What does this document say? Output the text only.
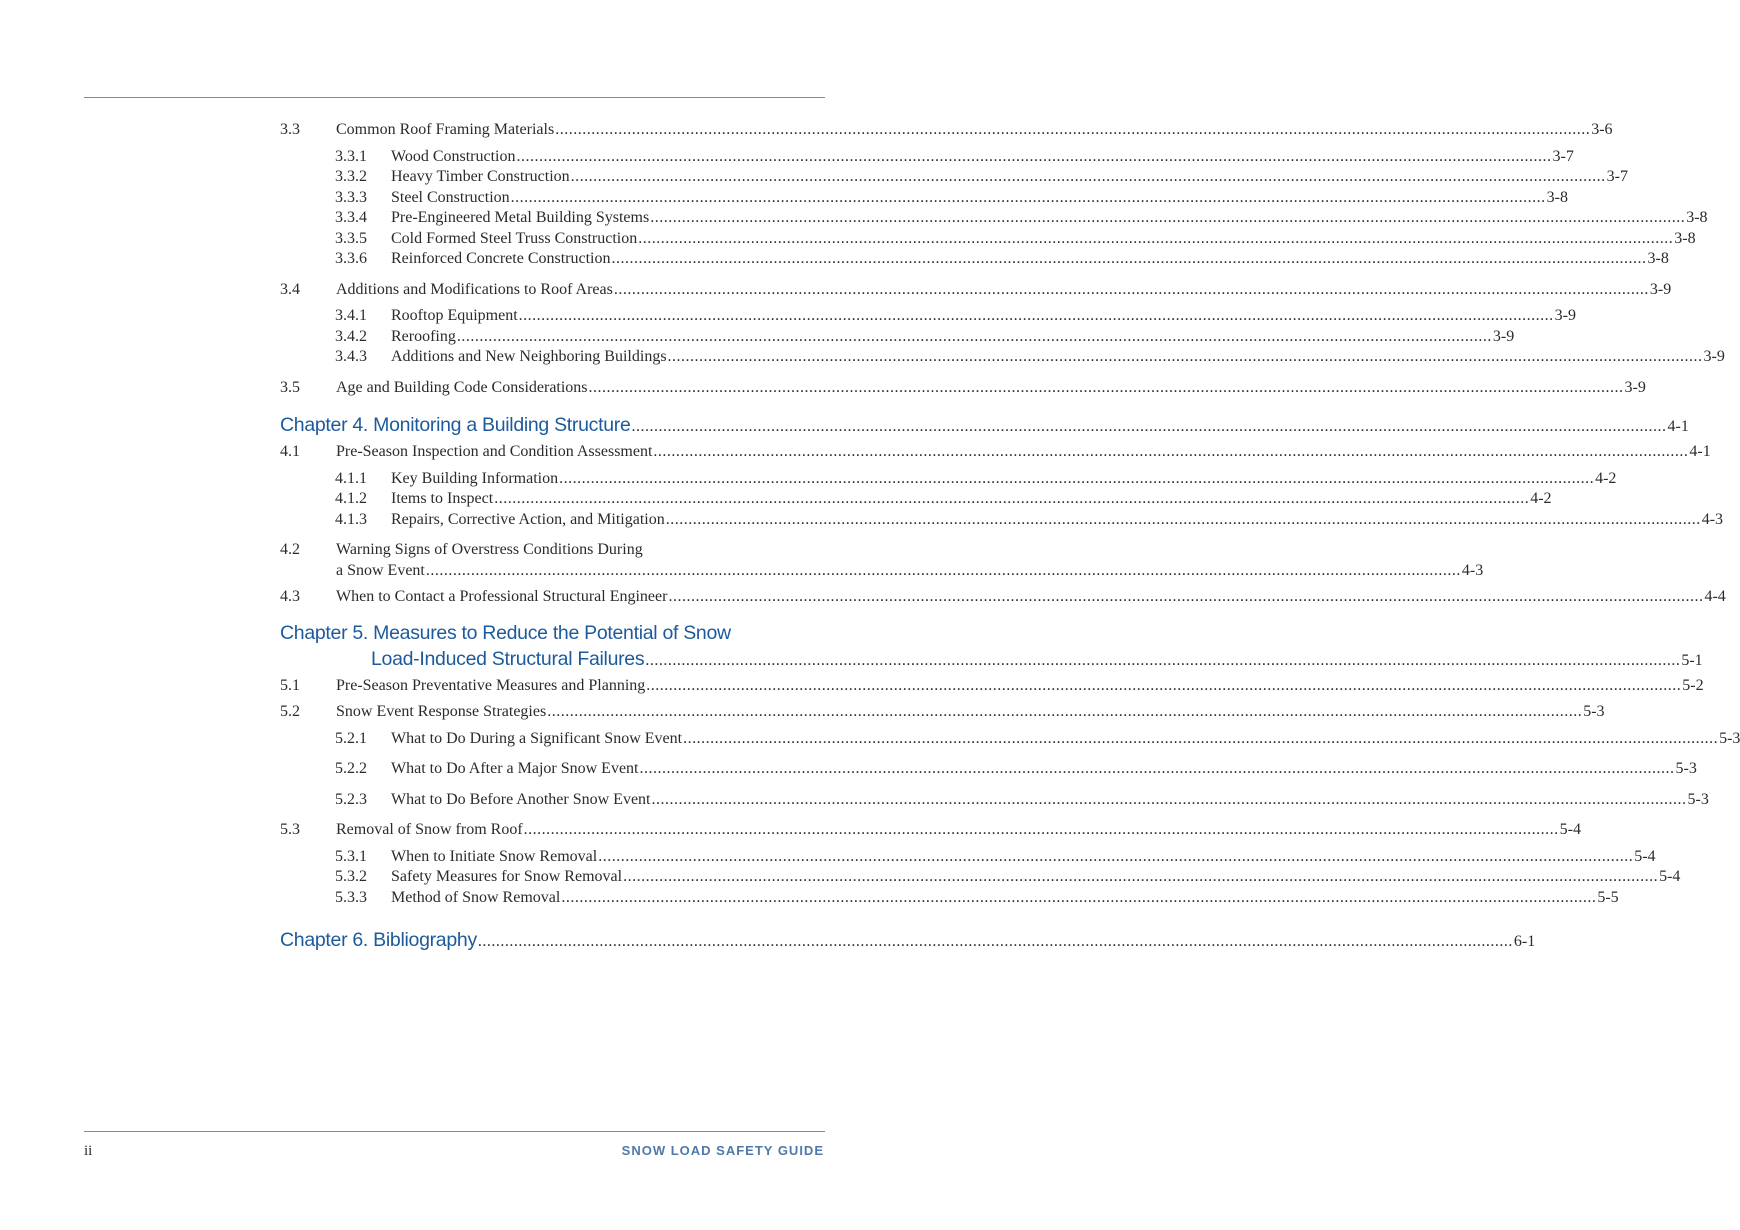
3.3	Common Roof Framing Materials .....	3-6
3.3.1	Wood Construction .....	3-7
3.3.2	Heavy Timber Construction .....	3-7
3.3.3	Steel Construction .....	3-8
3.3.4	Pre-Engineered Metal Building Systems .....	3-8
3.3.5	Cold Formed Steel Truss Construction .....	3-8
3.3.6	Reinforced Concrete Construction .....	3-8
3.4	Additions and Modifications to Roof Areas .....	3-9
3.4.1	Rooftop Equipment .....	3-9
3.4.2	Reroofing .....	3-9
3.4.3	Additions and New Neighboring Buildings .....	3-9
3.5	Age and Building Code Considerations .....	3-9
Chapter 4. Monitoring a Building Structure .....	4-1
4.1	Pre-Season Inspection and Condition Assessment .....	4-1
4.1.1	Key Building Information .....	4-2
4.1.2	Items to Inspect .....	4-2
4.1.3	Repairs, Corrective Action, and Mitigation .....	4-3
4.2	Warning Signs of Overstress Conditions During
a Snow Event .....	4-3
4.3	When to Contact a Professional Structural Engineer .....	4-4
Chapter 5. Measures to Reduce the Potential of Snow
Load-Induced Structural Failures .....	5-1
5.1	Pre-Season Preventative Measures and Planning .....	5-2
5.2	Snow Event Response Strategies .....	5-3
5.2.1	What to Do During a Significant Snow Event .....	5-3
5.2.2	What to Do After a Major Snow Event .....	5-3
5.2.3	What to Do Before Another Snow Event .....	5-3
5.3	Removal of Snow from Roof .....	5-4
5.3.1	When to Initiate Snow Removal .....	5-4
5.3.2	Safety Measures for Snow Removal .....	5-4
5.3.3	Method of Snow Removal .....	5-5
Chapter 6. Bibliography .....	6-1
ii	SNOW LOAD SAFETY GUIDE
